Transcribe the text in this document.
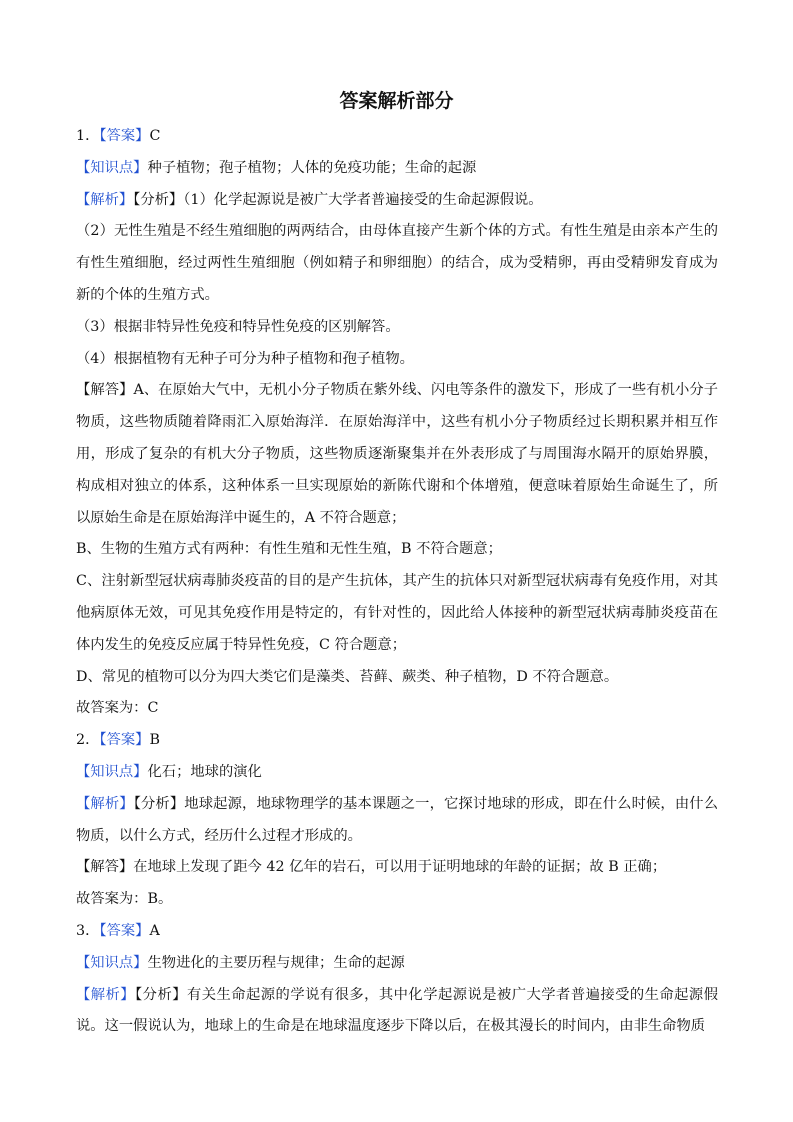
答案解析部分
1．【答案】C
【知识点】种子植物；孢子植物；人体的免疫功能；生命的起源
【解析】【分析】（1）化学起源说是被广大学者普遍接受的生命起源假说。
（2）无性生殖是不经生殖细胞的两两结合，由母体直接产生新个体的方式。有性生殖是由亲本产生的有性生殖细胞，经过两性生殖细胞（例如精子和卵细胞）的结合，成为受精卵，再由受精卵发育成为新的个体的生殖方式。
（3）根据非特异性免疫和特异性免疫的区别解答。
（4）根据植物有无种子可分为种子植物和孢子植物。
【解答】A、在原始大气中，无机小分子物质在紫外线、闪电等条件的激发下，形成了一些有机小分子物质，这些物质随着降雨汇入原始海洋．在原始海洋中，这些有机小分子物质经过长期积累并相互作用，形成了复杂的有机大分子物质，这些物质逐渐聚集并在外表形成了与周围海水隔开的原始界膜，构成相对独立的体系，这种体系一旦实现原始的新陈代谢和个体增殖，便意味着原始生命诞生了，所以原始生命是在原始海洋中诞生的，A 不符合题意；
B、生物的生殖方式有两种：有性生殖和无性生殖，B 不符合题意；
C、注射新型冠状病毒肺炎疫苗的目的是产生抗体，其产生的抗体只对新型冠状病毒有免疫作用，对其他病原体无效，可见其免疫作用是特定的，有针对性的，因此给人体接种的新型冠状病毒肺炎疫苗在体内发生的免疫反应属于特异性免疫，C 符合题意；
D、常见的植物可以分为四大类它们是藻类、苔藓、蕨类、种子植物，D 不符合题意。
故答案为：C
2．【答案】B
【知识点】化石；地球的演化
【解析】【分析】地球起源，地球物理学的基本课题之一，它探讨地球的形成，即在什么时候，由什么物质，以什么方式，经历什么过程才形成的。
【解答】在地球上发现了距今 42 亿年的岩石，可以用于证明地球的年龄的证据；故 B 正确；
故答案为：B。
3．【答案】A
【知识点】生物进化的主要历程与规律；生命的起源
【解析】【分析】有关生命起源的学说有很多，其中化学起源说是被广大学者普遍接受的生命起源假说。这一假说认为，地球上的生命是在地球温度逐步下降以后，在极其漫长的时间内，由非生命物质
